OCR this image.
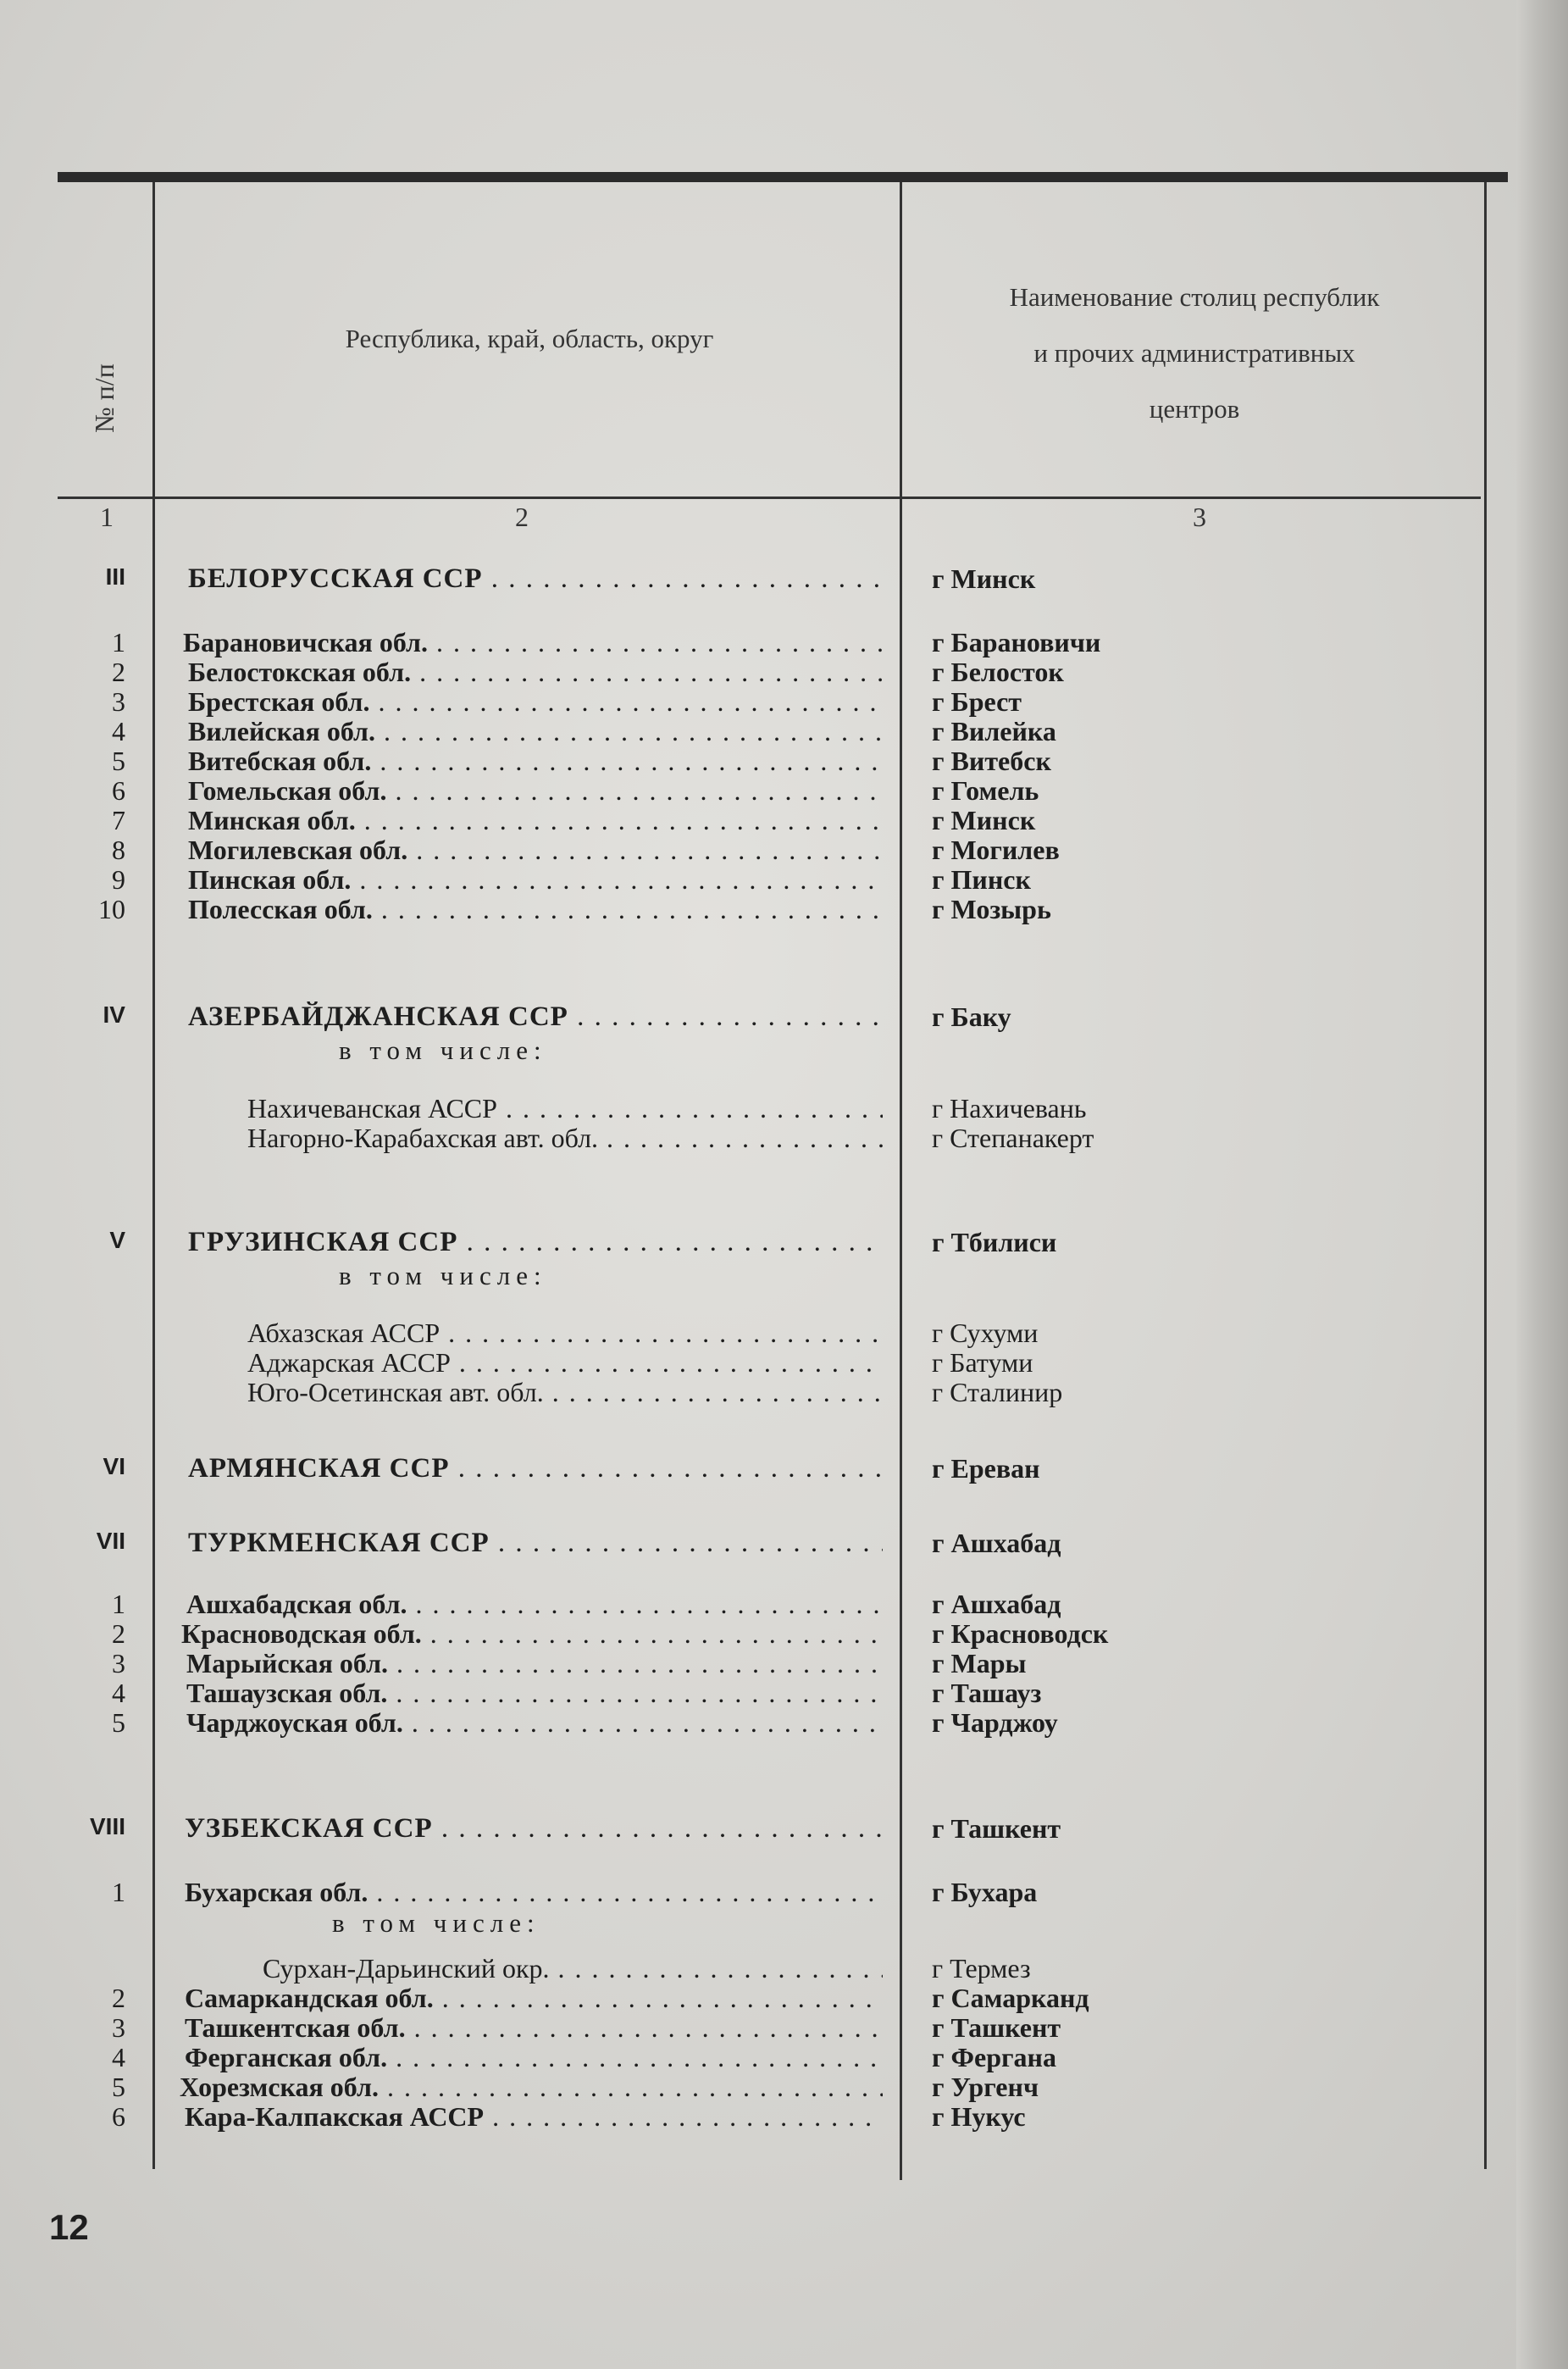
№ п/п
Республика, край, область, округ
Наименование столиц республик
и прочих административных
центров
1	2	3
III БЕЛОРУССКАЯ ССР . . .	г Минск
1 Барановичская обл. . . .	г Барановичи
2 Белостокская обл. . . .	г Белосток
3 Брестская обл. . . .	г Брест
4 Вилейская обл. . . .	г Вилейка
5 Витебская обл. . . .	г Витебск
6 Гомельская обл. . . .	г Гомель
7 Минская обл. . . .	г Минск
8 Могилевская обл. . . .	г Могилев
9 Пинская обл. . . .	г Пинск
10 Полесская обл. . . .	г Мозырь
IV АЗЕРБАЙДЖАНСКАЯ ССР . . .	г Баку
в том числе:
Нахичеванская АССР . . .	г Нахичевань
Нагорно-Карабахская авт. обл. . . .	г Степанакерт
V ГРУЗИНСКАЯ ССР . . .	г Тбилиси
в том числе:
Абхазская АССР . . .	г Сухуми
Аджарская АССР . . .	г Батуми
Юго-Осетинская авт. обл. . . .	г Сталинир
VI АРМЯНСКАЯ ССР . . .	г Ереван
VII ТУРКМЕНСКАЯ ССР . . .	г Ашхабад
1 Ашхабадская обл. . . .	г Ашхабад
2 Красноводская обл. . . .	г Красноводск
3 Марыйская обл. . . .	г Мары
4 Ташаузская обл. . . .	г Ташауз
5 Чарджоуская обл. . . .	г Чарджоу
VIII УЗБЕКСКАЯ ССР . . .	г Ташкент
1 Бухарская обл. . . .	г Бухара
в том числе:
Сурхан-Дарьинский окр. . . .	г Термез
2 Самаркандская обл. . . .	г Самарканд
3 Ташкентская обл. . . .	г Ташкент
4 Ферганская обл. . . .	г Фергана
5 Хорезмская обл. . . .	г Ургенч
6 Кара-Калпакская АССР . . .	г Нукус
12
